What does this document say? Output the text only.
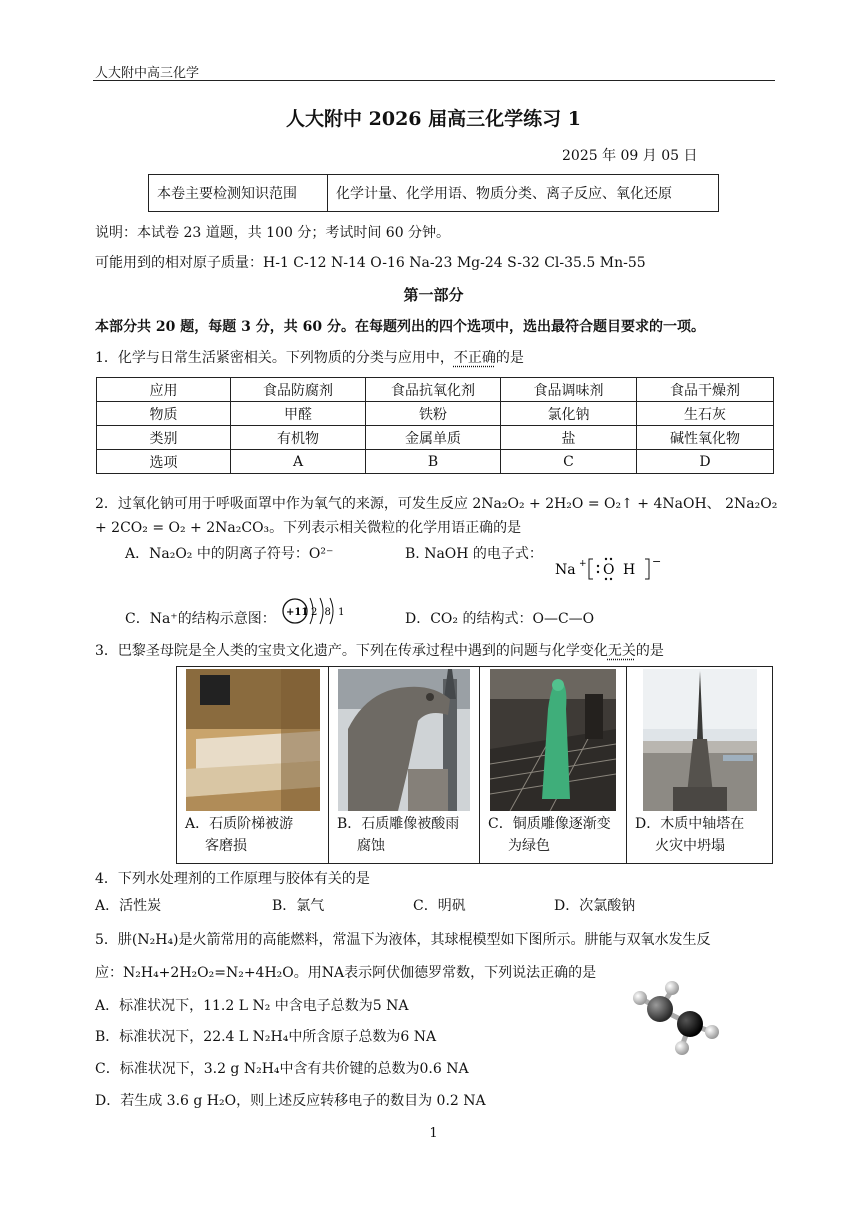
人大附中高三化学
人大附中 2026 届高三化学练习 1
2025 年 09 月 05 日
本卷主要检测知识范围	化学计量、化学用语、物质分类、离子反应、氧化还原
说明：本试卷 23 道题，共 100 分；考试时间 60 分钟。
可能用到的相对原子质量：H-1 C-12 N-14 O-16 Na-23 Mg-24 S-32 Cl-35.5 Mn-55
第一部分
本部分共 20 题，每题 3 分，共 60 分。在每题列出的四个选项中，选出最符合题目要求的一项。
1．化学与日常生活紧密相关。下列物质的分类与应用中，不正确的是
应用	食品防腐剂	食品抗氧化剂	食品调味剂	食品干燥剂
物质	甲醛	铁粉	氯化钠	生石灰
类别	有机物	金属单质	盐	碱性氧化物
选项	A	B	C	D
2．过氧化钠可用于呼吸面罩中作为氧气的来源，可发生反应 2Na₂O₂ + 2H₂O = O₂↑ + 4NaOH、 2Na₂O₂
+ 2CO₂ = O₂ + 2Na₂CO₃。下列表示相关微粒的化学用语正确的是
A．Na₂O₂ 中的阴离子符号：O²⁻	B. NaOH 的电子式：
Na + O H
−
C．Na⁺的结构示意图： +11 2 8 1	D．CO₂ 的结构式：O—C—O
3．巴黎圣母院是全人类的宝贵文化遗产。下列在传承过程中遇到的问题与化学变化无关的是
A．石质阶梯被游
客磨损

B．石质雕像被酸雨
腐蚀

C．铜质雕像逐渐变
为绿色

D．木质中轴塔在
火灾中坍塌
4．下列水处理剂的工作原理与胶体有关的是
A．活性炭	B．氯气	C．明矾	D．次氯酸钠
5．肼(N₂H₄)是火箭常用的高能燃料，常温下为液体，其球棍模型如下图所示。肼能与双氧水发生反
应：N₂H₄+2H₂O₂=N₂+4H₂O。用NA表示阿伏伽德罗常数，下列说法正确的是
A．标准状况下，11.2 L N₂ 中含电子总数为5 NA
B．标准状况下，22.4 L N₂H₄中所含原子总数为6 NA
C．标准状况下，3.2 g N₂H₄中含有共价键的总数为0.6 NA
D．若生成 3.6 g H₂O，则上述反应转移电子的数目为 0.2 NA
1
